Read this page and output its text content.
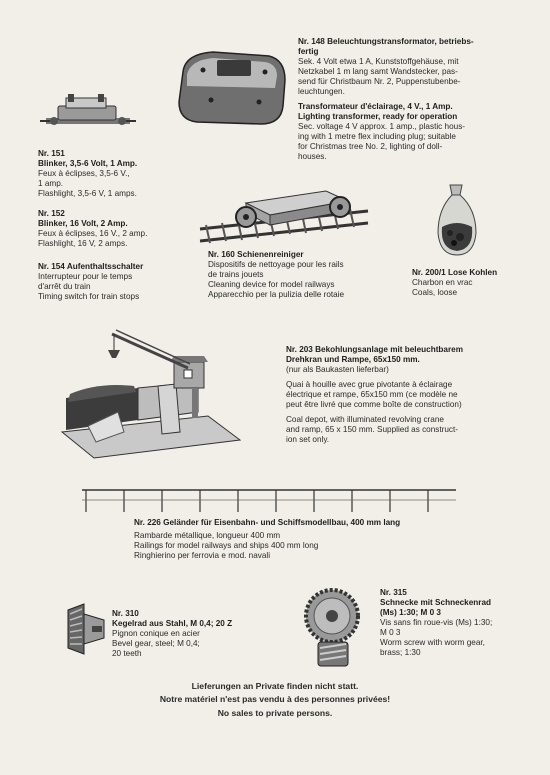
Nr. 148 Beleuchtungstransformator, betriebs-
fertig
Sek. 4 Volt etwa 1 A, Kunststoffgehäuse, mit
Netzkabel 1 m lang samt Wandstecker, pas-
send für Christbaum Nr. 2, Puppenstubenbe-
leuchtungen.
Transformateur d'éclairage, 4 V., 1 Amp.
Lighting transformer, ready for operation
Sec. voltage 4 V approx. 1 amp., plastic hous-
ing with 1 metre flex including plug; suitable
for Christmas tree No. 2, lighting of doll-
houses.
Nr. 151
Blinker, 3,5-6 Volt, 1 Amp.
Feux à éclipses, 3,5-6 V.,
1 amp.
Flashlight, 3,5-6 V, 1 amps.
Nr. 152
Blinker, 16 Volt, 2 Amp.
Feux à éclipses, 16 V., 2 amp.
Flashlight, 16 V, 2 amps.
Nr. 154 Aufenthaltsschalter
Interrupteur pour le temps
d'arrêt du train
Timing switch for train stops
Nr. 160 Schienenreiniger
Dispositifs de nettoyage pour les rails
de trains jouets
Cleaning device for model railways
Apparecchio per la pulizia delle rotaie
Nr. 200/1 Lose Kohlen
Charbon en vrac
Coals, loose
Nr. 203 Bekohlungsanlage mit beleuchtbarem
Drehkran und Rampe, 65x150 mm.
(nur als Baukasten lieferbar)
Quai à houille avec grue pivotante à éclairage
électrique et rampe, 65x150 mm (ce modèle ne
peut être livré que comme boîte de construction)
Coal depot, with illuminated revolving crane
and ramp, 65 x 150 mm. Supplied as construct-
ion set only.
Nr. 226 Geländer für Eisenbahn- und Schiffsmodellbau, 400 mm lang
Rambarde métallique, longueur 400 mm
Railings for model railways and ships 400 mm long
Ringhierino per ferrovia e mod. navali
Nr. 310
Kegelrad aus Stahl, M 0,4; 20 Z
Pignon conique en acier
Bevel gear, steel; M 0,4;
20 teeth
Nr. 315
Schnecke mit Schneckenrad
(Ms) 1:30; M 0 3
Vis sans fin roue-vis (Ms) 1:30;
M 0 3
Worm screw with worm gear,
brass; 1:30
Lieferungen an Private finden nicht statt.
Notre matériel n'est pas vendu à des personnes privées!
No sales to private persons.
